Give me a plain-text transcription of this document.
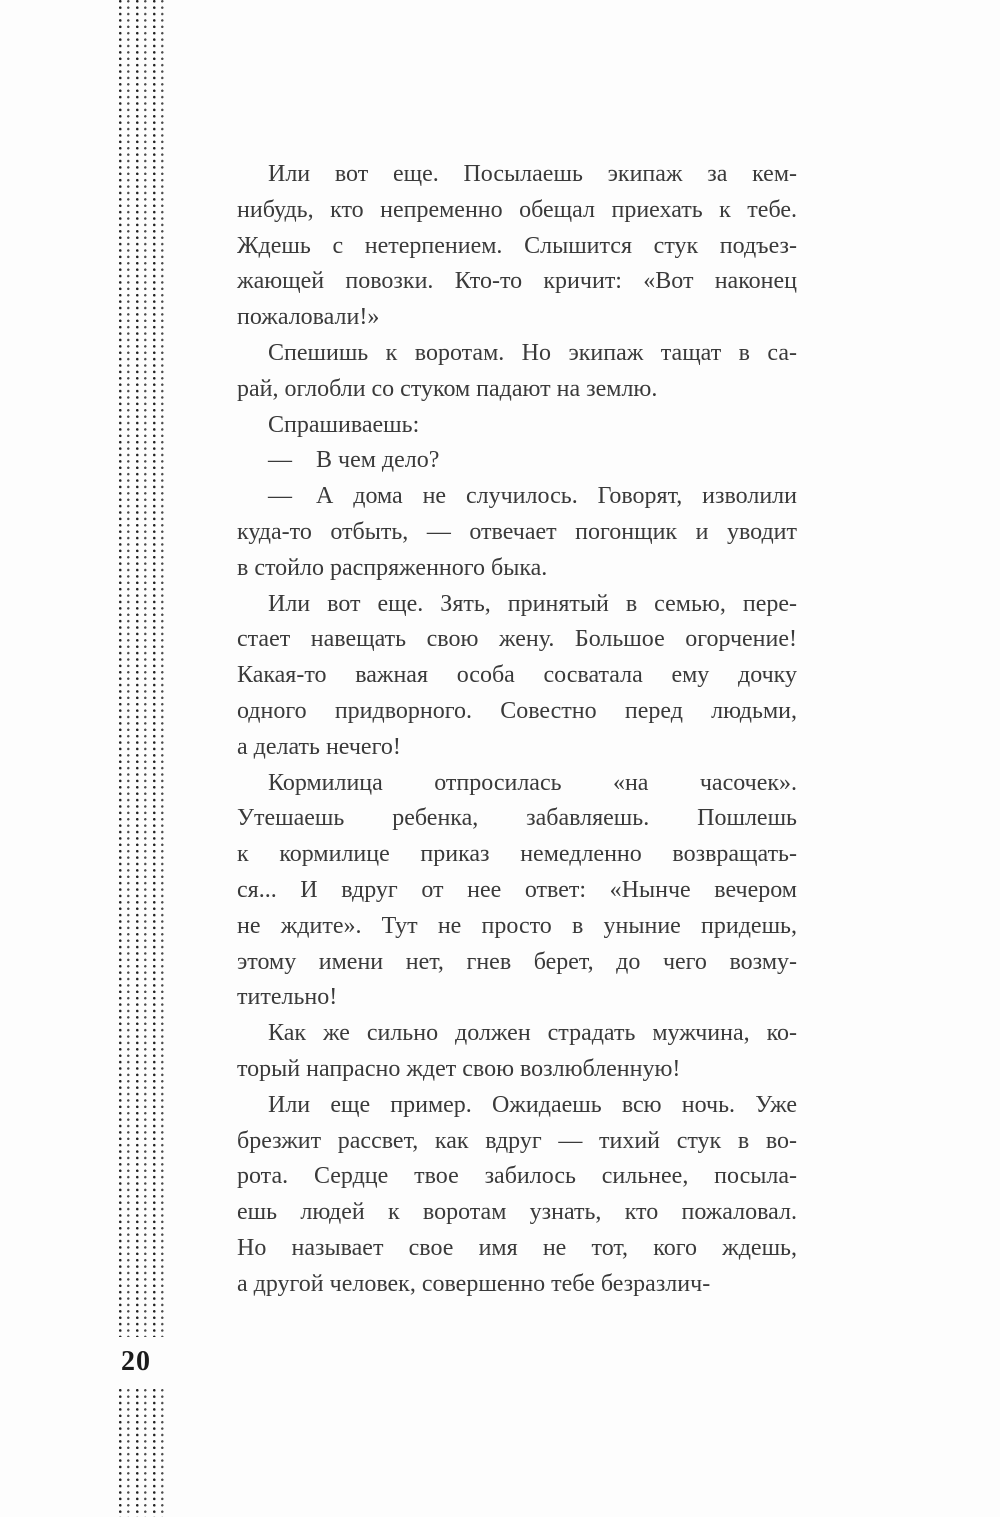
Или вот еще. Посылаешь экипаж за кем-
нибудь, кто непременно обещал приехать к тебе.
Ждешь с нетерпением. Слышится стук подъез-
жающей повозки. Кто-то кричит: «Вот наконец
пожаловали!»
Спешишь к воротам. Но экипаж тащат в са-
рай, оглобли со стуком падают на землю.
Спрашиваешь:
— В чем дело?
— А дома не случилось. Говорят, изволили
куда-то отбыть, — отвечает погонщик и уводит
в стойло распряженного быка.
Или вот еще. Зять, принятый в семью, пере-
стает навещать свою жену. Большое огорчение!
Какая-то важная особа сосватала ему дочку
одного придворного. Совестно перед людьми,
а делать нечего!
Кормилица отпросилась «на часочек».
Утешаешь ребенка, забавляешь. Пошлешь
к кормилице приказ немедленно возвращать-
ся... И вдруг от нее ответ: «Нынче вечером
не ждите». Тут не просто в уныние придешь,
этому имени нет, гнев берет, до чего возму-
тительно!
Как же сильно должен страдать мужчина, ко-
торый напрасно ждет свою возлюбленную!
Или еще пример. Ожидаешь всю ночь. Уже
брезжит рассвет, как вдруг — тихий стук в во-
рота. Сердце твое забилось сильнее, посыла-
ешь людей к воротам узнать, кто пожаловал.
Но называет свое имя не тот, кого ждешь,
а другой человек, совершенно тебе безразлич-
20
